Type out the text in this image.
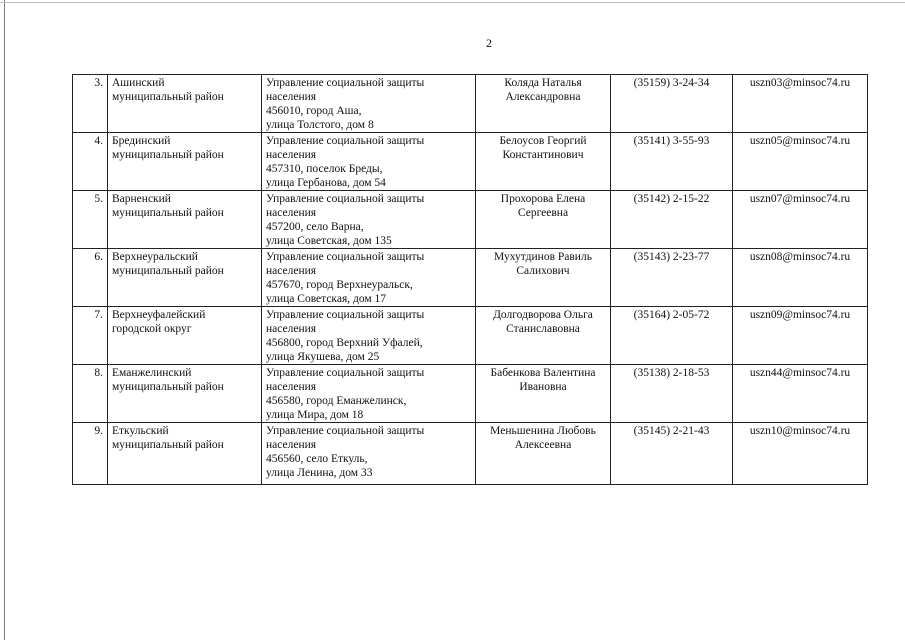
2
3.	Ашинский
муниципальный район	Управление социальной защиты
населения
456010, город Аша,
улица Толстого, дом 8	Коляда Наталья
Александровна	(35159) 3-24-34	uszn03@minsoc74.ru
4.	Брединский
муниципальный район	Управление социальной защиты
населения
457310, поселок Бреды,
улица Гербанова, дом 54	Белоусов Георгий
Константинович	(35141) 3-55-93	uszn05@minsoc74.ru
5.	Варненский
муниципальный район	Управление социальной защиты
населения
457200, село Варна,
улица Советская, дом 135	Прохорова Елена
Сергеевна	(35142) 2-15-22	uszn07@minsoc74.ru
6.	Верхнеуральский
муниципальный район	Управление социальной защиты
населения
457670, город Верхнеуральск,
улица Советская, дом 17	Мухутдинов Равиль
Салихович	(35143) 2-23-77	uszn08@minsoc74.ru
7.	Верхнеуфалейский
городской округ	Управление социальной защиты
населения
456800, город Верхний Уфалей,
улица Якушева, дом 25	Долгодворова Ольга
Станиславовна	(35164) 2-05-72	uszn09@minsoc74.ru
8.	Еманжелинский
муниципальный район	Управление социальной защиты
населения
456580, город Еманжелинск,
улица Мира, дом 18	Бабенкова Валентина
Ивановна	(35138) 2-18-53	uszn44@minsoc74.ru
9.	Еткульский
муниципальный район	Управление социальной защиты
населения
456560, село Еткуль,
улица Ленина, дом 33	Меньшенина Любовь
Алексеевна	(35145) 2-21-43	uszn10@minsoc74.ru
